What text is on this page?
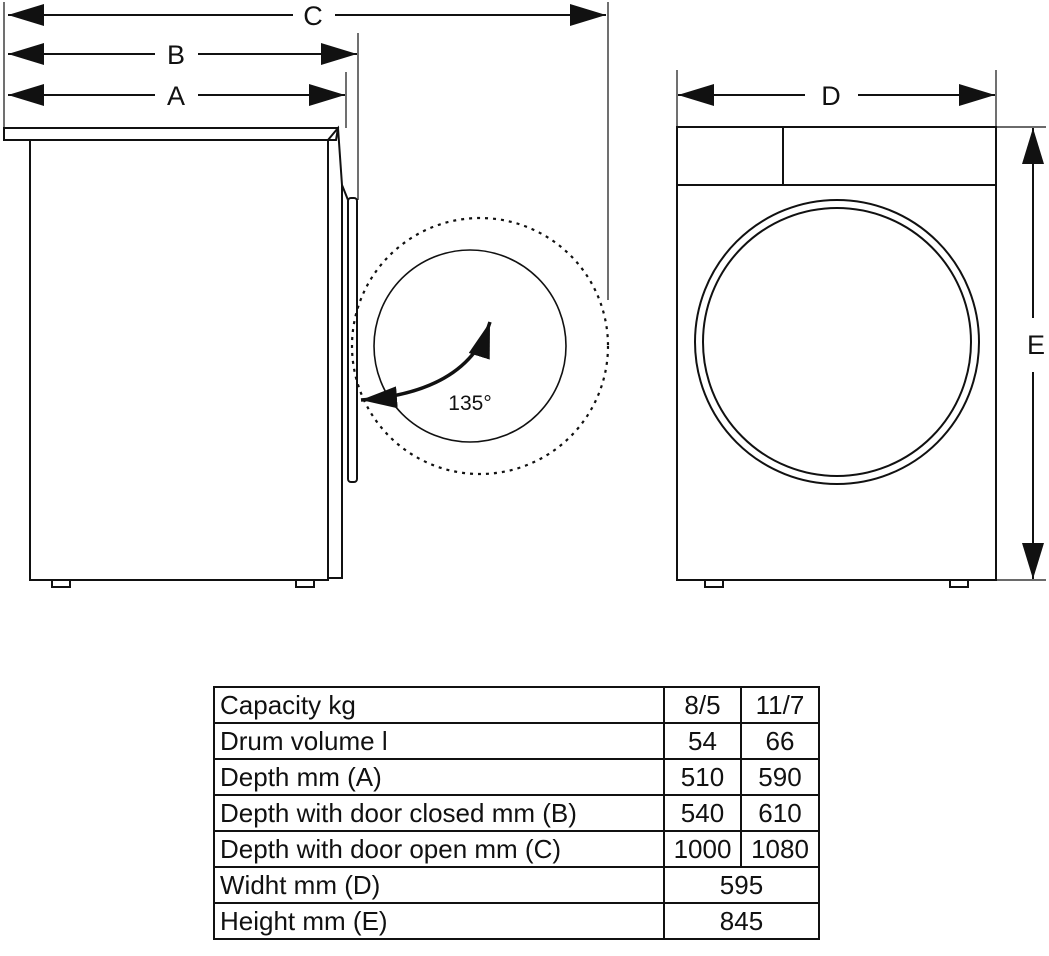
C
B
A
135°
D
E
Capacity kg	8/5	11/7
Drum volume l	54	66
Depth mm (A)	510	590
Depth with door closed mm (B)	540	610
Depth with door open mm (C)	1000	1080
Widht mm (D)	595	
Height mm (E)	845	
